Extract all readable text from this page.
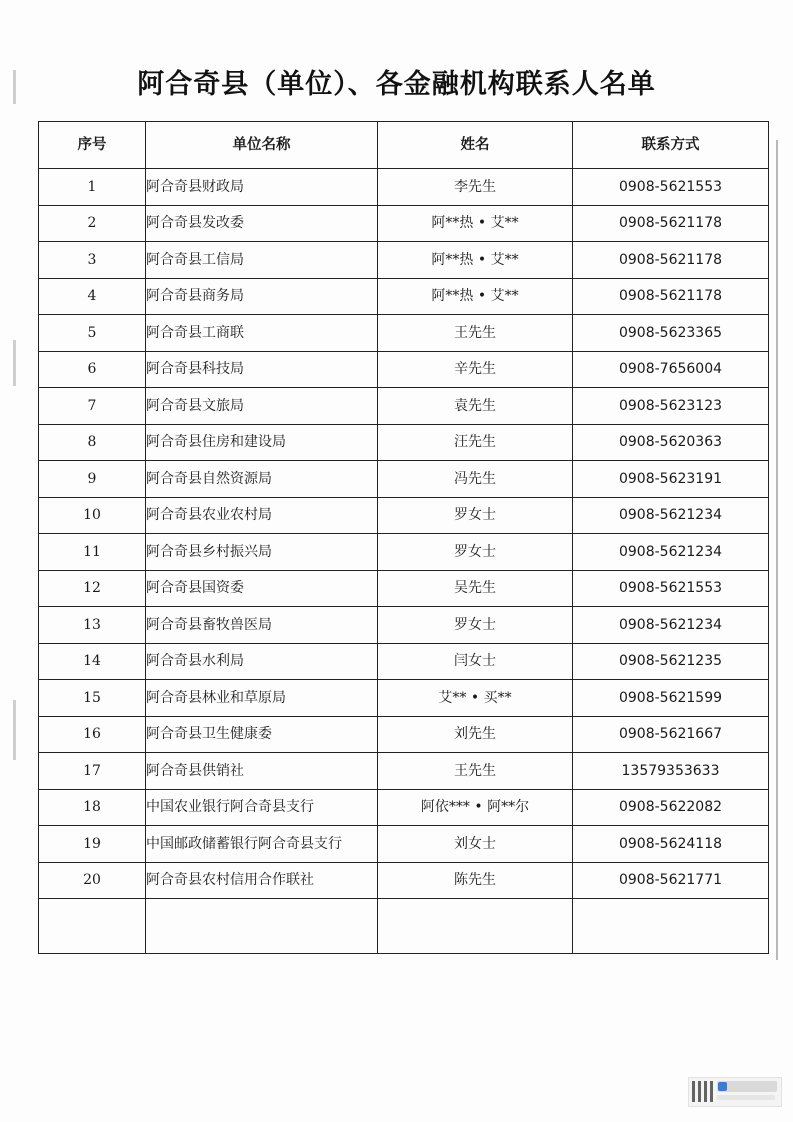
阿合奇县（单位）、各金融机构联系人名单
序号	单位名称	姓名	联系方式
1	阿合奇县财政局	李先生	0908-5621553
2	阿合奇县发改委	阿**热 • 艾**	0908-5621178
3	阿合奇县工信局	阿**热 • 艾**	0908-5621178
4	阿合奇县商务局	阿**热 • 艾**	0908-5621178
5	阿合奇县工商联	王先生	0908-5623365
6	阿合奇县科技局	辛先生	0908-7656004
7	阿合奇县文旅局	袁先生	0908-5623123
8	阿合奇县住房和建设局	汪先生	0908-5620363
9	阿合奇县自然资源局	冯先生	0908-5623191
10	阿合奇县农业农村局	罗女士	0908-5621234
11	阿合奇县乡村振兴局	罗女士	0908-5621234
12	阿合奇县国资委	吴先生	0908-5621553
13	阿合奇县畜牧兽医局	罗女士	0908-5621234
14	阿合奇县水利局	闫女士	0908-5621235
15	阿合奇县林业和草原局	艾** • 买**	0908-5621599
16	阿合奇县卫生健康委	刘先生	0908-5621667
17	阿合奇县供销社	王先生	13579353633
18	中国农业银行阿合奇县支行	阿依*** • 阿**尔	0908-5622082
19	中国邮政储蓄银行阿合奇县支行	刘女士	0908-5624118
20	阿合奇县农村信用合作联社	陈先生	0908-5621771
